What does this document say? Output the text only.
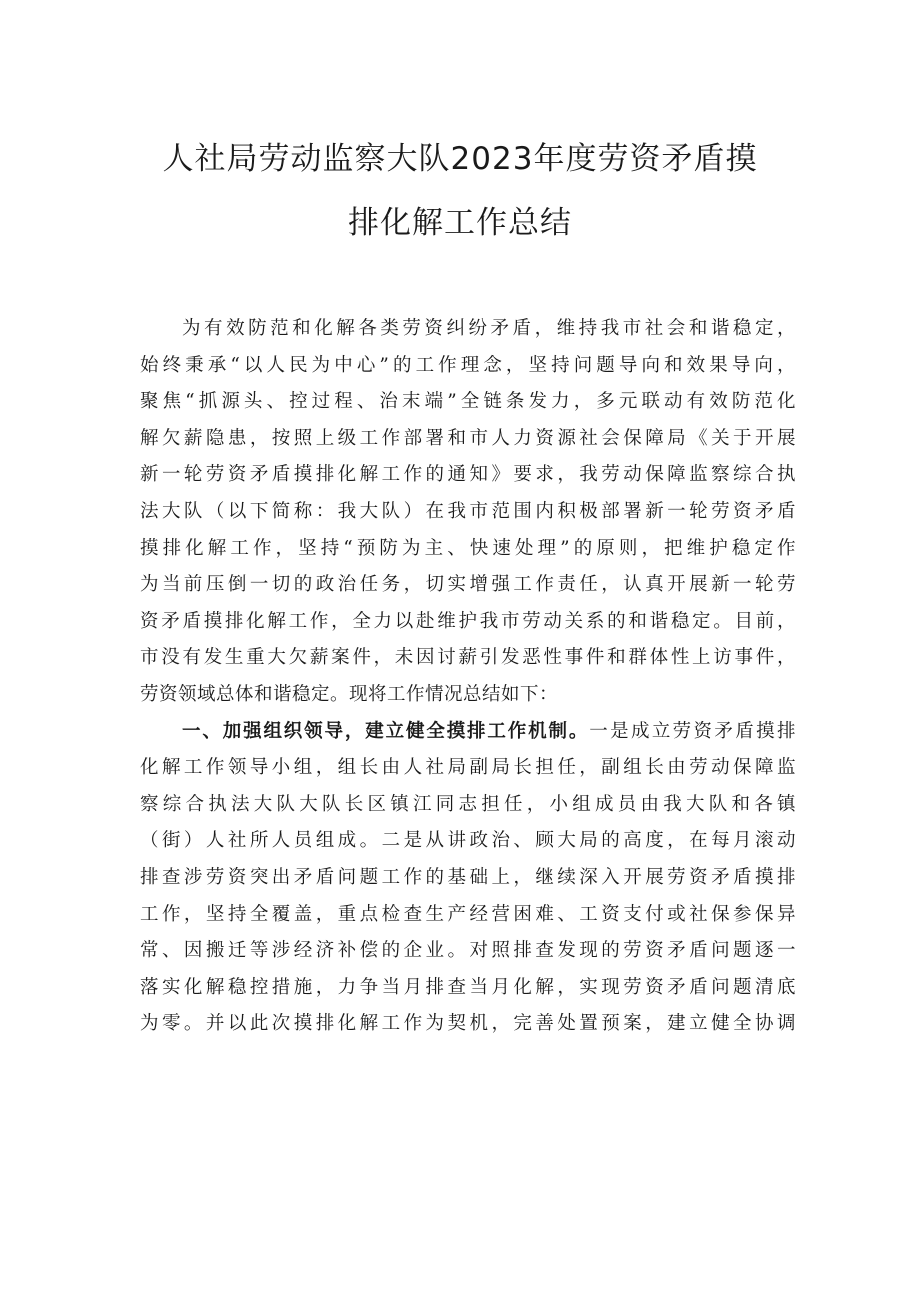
人社局劳动监察大队2023年度劳资矛盾摸
排化解工作总结
为有效防范和化解各类劳资纠纷矛盾，维持我市社会和谐稳定，
始终秉承“以人民为中心”的工作理念，坚持问题导向和效果导向，
聚焦“抓源头、控过程、治末端”全链条发力，多元联动有效防范化
解欠薪隐患，按照上级工作部署和市人力资源社会保障局《关于开展
新一轮劳资矛盾摸排化解工作的通知》要求，我劳动保障监察综合执
法大队（以下简称：我大队）在我市范围内积极部署新一轮劳资矛盾
摸排化解工作，坚持“预防为主、快速处理”的原则，把维护稳定作
为当前压倒一切的政治任务，切实增强工作责任，认真开展新一轮劳
资矛盾摸排化解工作，全力以赴维护我市劳动关系的和谐稳定。目前，
市没有发生重大欠薪案件，未因讨薪引发恶性事件和群体性上访事件，
劳资领域总体和谐稳定。现将工作情况总结如下：
一、加强组织领导，建立健全摸排工作机制。一是成立劳资矛盾摸排
化解工作领导小组，组长由人社局副局长担任，副组长由劳动保障监
察综合执法大队大队长区镇江同志担任，小组成员由我大队和各镇
（街）人社所人员组成。二是从讲政治、顾大局的高度，在每月滚动
排查涉劳资突出矛盾问题工作的基础上，继续深入开展劳资矛盾摸排
工作，坚持全覆盖，重点检查生产经营困难、工资支付或社保参保异
常、因搬迁等涉经济补偿的企业。对照排查发现的劳资矛盾问题逐一
落实化解稳控措施，力争当月排查当月化解，实现劳资矛盾问题清底
为零。并以此次摸排化解工作为契机，完善处置预案，建立健全协调
